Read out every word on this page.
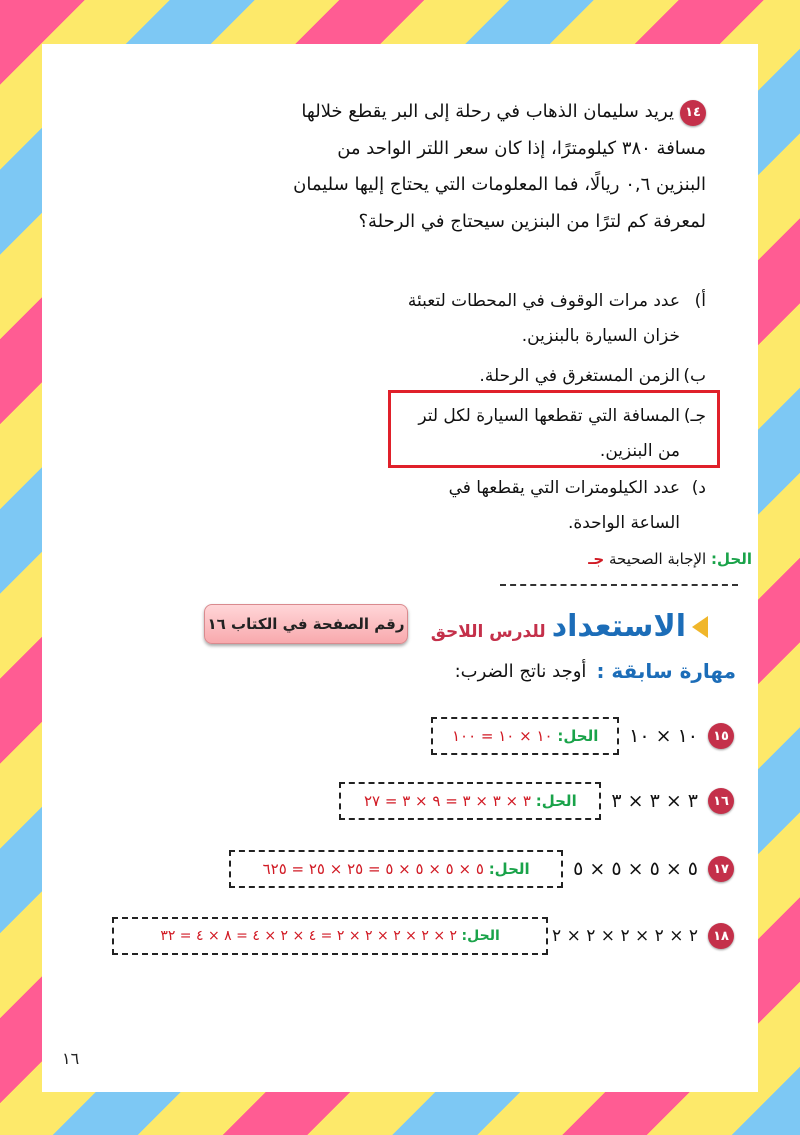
١٤
يريد سليمان الذهاب في رحلة إلى البر يقطع خلالها مسافة ٣٨٠ كيلومترًا، إذا كان سعر اللتر الواحد من البنزين ٠,٦ ريالًا، فما المعلومات التي يحتاج إليها سليمان لمعرفة كم لترًا من البنزين سيحتاج في الرحلة؟
أ)
عدد مرات الوقوف في المحطات لتعبئة خزان السيارة بالبنزين.
ب)
الزمن المستغرق في الرحلة.
جـ)
المسافة التي تقطعها السيارة لكل لتر من البنزين.
د)
عدد الكيلومترات التي يقطعها في الساعة الواحدة.
الحل: الإجابة الصحيحة جـ
الاستعداد
للدرس اللاحق
رقم الصفحة في الكتاب ١٦
مهارة سابقة :
أوجد ناتج الضرب:
١٥
١٠ × ١٠
الحل:

١٠ × ١٠ = ١٠٠
١٦
٣ × ٣ × ٣
الحل:

٣ × ٣ × ٣ = ٩ × ٣ = ٢٧
١٧
٥ × ٥ × ٥ × ٥
الحل:

٥ × ٥ × ٥ × ٥ = ٢٥ × ٢٥ = ٦٢٥
١٨
٢ × ٢ × ٢ × ٢ × ٢
الحل:

٢ × ٢ × ٢ × ٢ × ٢ = ٤ × ٢ × ٤ = ٨ × ٤ = ٣٢
١٦
